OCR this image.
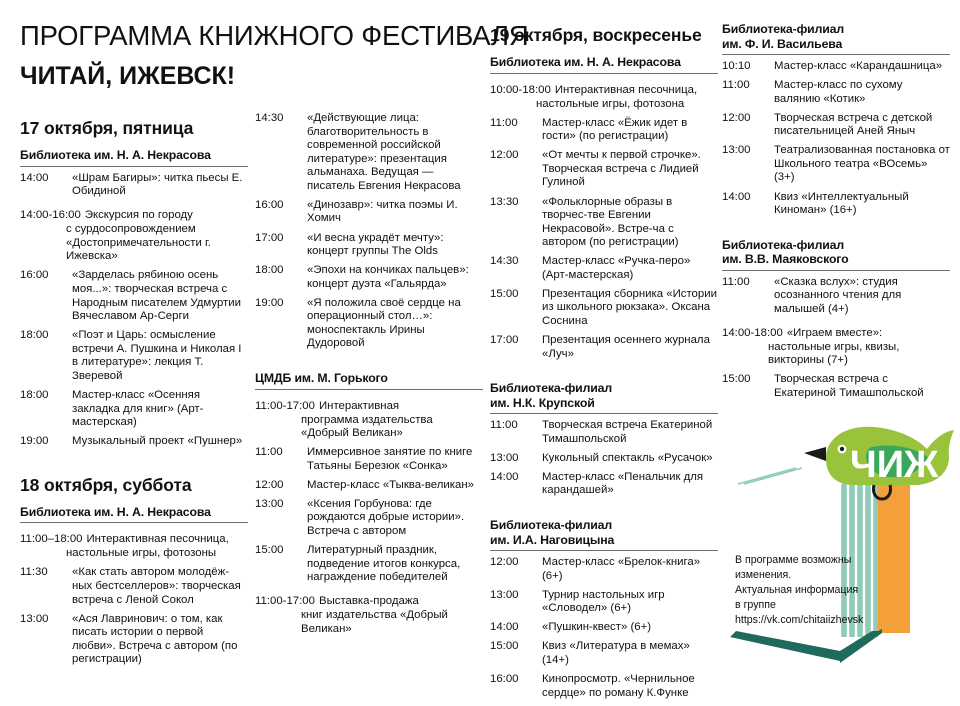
ПРОГРАММА КНИЖНОГО ФЕСТИВАЛЯ
ЧИТАЙ, ИЖЕВСК!
17 октября, пятница
Библиотека им. Н. А. Некрасова
14:00	«Шрам Багиры»: читка пьесы Е. Обидиной
14:00-16:00 Экскурсия по городу
с сурдосопровождением «Достопримечательности г. Ижевска»
16:00	«Зарделась рябиною осень моя...»: творческая встреча с Народным писателем Удмуртии Вячеславом Ар-Серги
18:00	«Поэт и Царь: осмысление встречи А. Пушкина и Николая I в литературе»: лекция Т. Зверевой
18:00	Мастер-класс «Осенняя закладка для книг» (Арт-мастерская)
19:00	Музыкальный проект «Пушнер»
18 октября, суббота
Библиотека им. Н. А. Некрасова
11:00–18:00 Интерактивная песочница,
настольные игры, фотозоны
11:30	«Как стать автором молодёж-ных бестселлеров»: творческая встреча с Леной Сокол
13:00	«Ася Лавринович: о том, как писать истории о первой любви». Встреча с автором (по регистрации)
14:30	«Действующие лица: благотворительность в современной российской литературе»: презентация альманаха. Ведущая — писатель Евгения Некрасова
16:00	«Динозавр»: читка поэмы И. Хомич
17:00	«И весна украдёт мечту»: концерт группы The Olds
18:00	«Эпохи на кончиках пальцев»: концерт дуэта «Гальярда»
19:00	«Я положила своё сердце на операционный стол…»: моноспектакль Ирины Дудоровой
ЦМДБ им. М. Горького
11:00-17:00 Интерактивная
программа издательства «Добрый Великан»
11:00	Иммерсивное занятие по книге Татьяны Березюк «Сонка»
12:00	Мастер-класс «Тыква-великан»
13:00	«Ксения Горбунова: где рождаются добрые истории». Встреча с автором
15:00	Литературный праздник, подведение итогов конкурса, награждение победителей
11:00-17:00 Выставка-продажа
книг издательства «Добрый Великан»
19 октября, воскресенье
Библиотека им. Н. А. Некрасова
10:00-18:00 Интерактивная песочница,
настольные игры, фотозона
11:00	Мастер-класс «Ёжик идет в гости» (по регистрации)
12:00	«От мечты к первой строчке». Творческая встреча с Лидией Гулиной
13:30	«Фольклорные образы в творчес-тве Евгении Некрасовой». Встре-ча с автором (по регистрации)
14:30	Мастер-класс «Ручка-перо» (Арт-мастерская)
15:00	Презентация сборника «Истории из школьного рюкзака». Оксана Соснина
17:00	Презентация осеннего журнала «Луч»
Библиотека-филиал
им. Н.К. Крупской
11:00	Творческая встреча Екатериной Тимашпольской
13:00	Кукольный спектакль «Русачок»
14:00	Мастер-класс «Пенальчик для карандашей»
Библиотека-филиал
им. И.А. Наговицына
12:00	Мастер-класс «Брелок-книга» (6+)
13:00	Турнир настольных игр «Словодел» (6+)
14:00	«Пушкин-квест» (6+)
15:00	Квиз «Литература в мемах» (14+)
16:00	Кинопросмотр. «Чернильное сердце» по роману К.Функе
Библиотека-филиал
им. Ф. И. Васильева
10:10	Мастер-класс «Карандашница»
11:00	Мастер-класс по сухому валянию «Котик»
12:00	Творческая встреча с детской писательницей Аней Яныч
13:00	Театрализованная постановка от Школьного театра «ВОсемь» (3+)
14:00	Квиз «Интеллектуальный Киноман» (16+)
Библиотека-филиал
им. В.В. Маяковского
11:00	«Сказка вслух»: студия осознанного чтения для малышей (4+)
14:00-18:00 «Играем вместе»:
настольные игры, квизы, викторины (7+)
15:00	Творческая встреча с Екатериной Тимашпольской
ЧИЖ
В программе возможны
изменения.
Актуальная информация
в группе
https://vk.com/chitaiizhevsk
